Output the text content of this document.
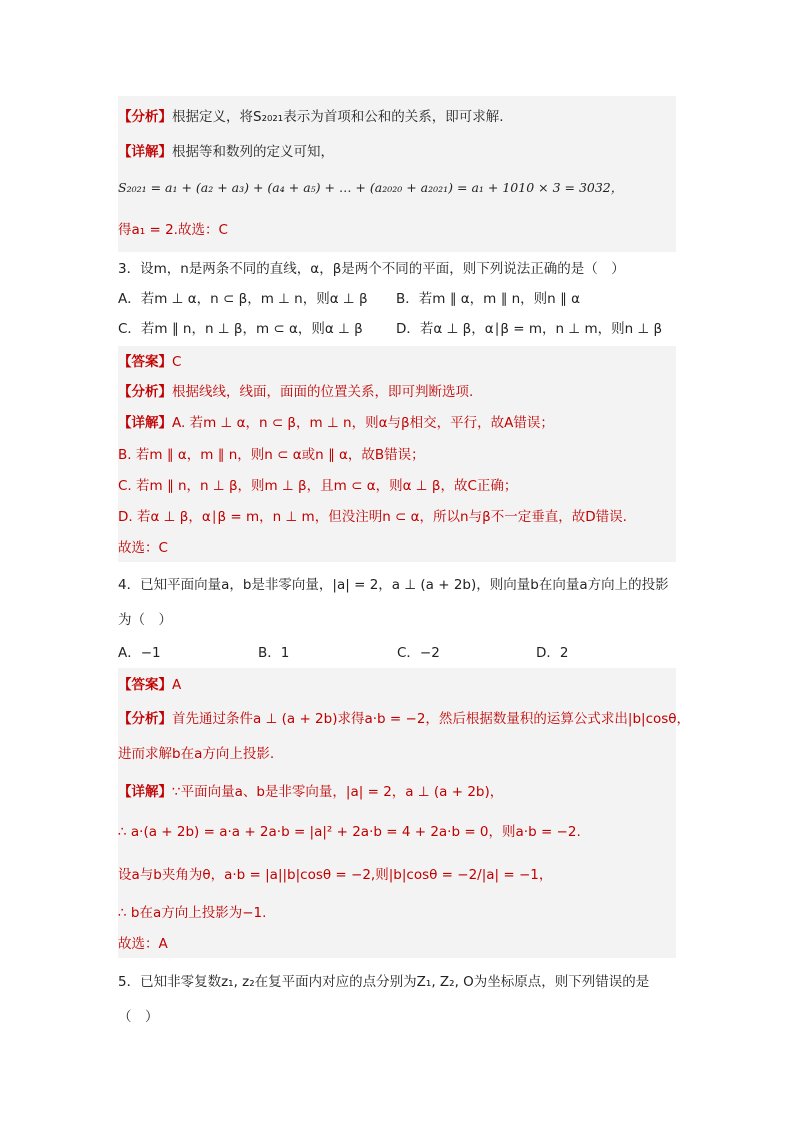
【分析】根据定义，将S₂₀₂₁表示为首项和公和的关系，即可求解.
【详解】根据等和数列的定义可知，
S₂₀₂₁ = a₁ + (a₂ + a₃) + (a₄ + a₅) + … + (a₂₀₂₀ + a₂₀₂₁) = a₁ + 1010 × 3 = 3032，
得a₁ = 2.故选：C
3．设m，n是两条不同的直线，α，β是两个不同的平面，则下列说法正确的是（　）
A．若m ⊥ α，n ⊂ β，m ⊥ n，则α ⊥ β B．若m ∥ α，m ∥ n，则n ∥ α
C．若m ∥ n，n ⊥ β，m ⊂ α，则α ⊥ β D．若α ⊥ β，α∣β = m，n ⊥ m，则n ⊥ β
【答案】C
【分析】根据线线，线面，面面的位置关系，即可判断选项.
【详解】A. 若m ⊥ α，n ⊂ β，m ⊥ n，则α与β相交，平行，故A错误；
B. 若m ∥ α，m ∥ n，则n ⊂ α或n ∥ α，故B错误；
C. 若m ∥ n，n ⊥ β，则m ⊥ β，且m ⊂ α，则α ⊥ β，故C正确；
D. 若α ⊥ β，α∣β = m，n ⊥ m，但没注明n ⊂ α，所以n与β不一定垂直，故D错误.
故选：C
4．已知平面向量a，b是非零向量，|a| = 2，a ⊥ (a + 2b)，则向量b在向量a方向上的投影
为（　）
A．−1	B．1	C．−2	D．2
【答案】A
【分析】首先通过条件a ⊥ (a + 2b)求得a·b = −2，然后根据数量积的运算公式求出|b|cosθ，
进而求解b在a方向上投影.
【详解】∵平面向量a、b是非零向量，|a| = 2，a ⊥ (a + 2b)，
∴ a·(a + 2b) = a·a + 2a·b = |a|² + 2a·b = 4 + 2a·b = 0，则a·b = −2.
设a与b夹角为θ，a·b = |a||b|cosθ = −2,则|b|cosθ = −2/|a| = −1，
∴ b在a方向上投影为−1.
故选：A
5．已知非零复数z₁, z₂在复平面内对应的点分别为Z₁, Z₂, O为坐标原点，则下列错误的是
（　）
